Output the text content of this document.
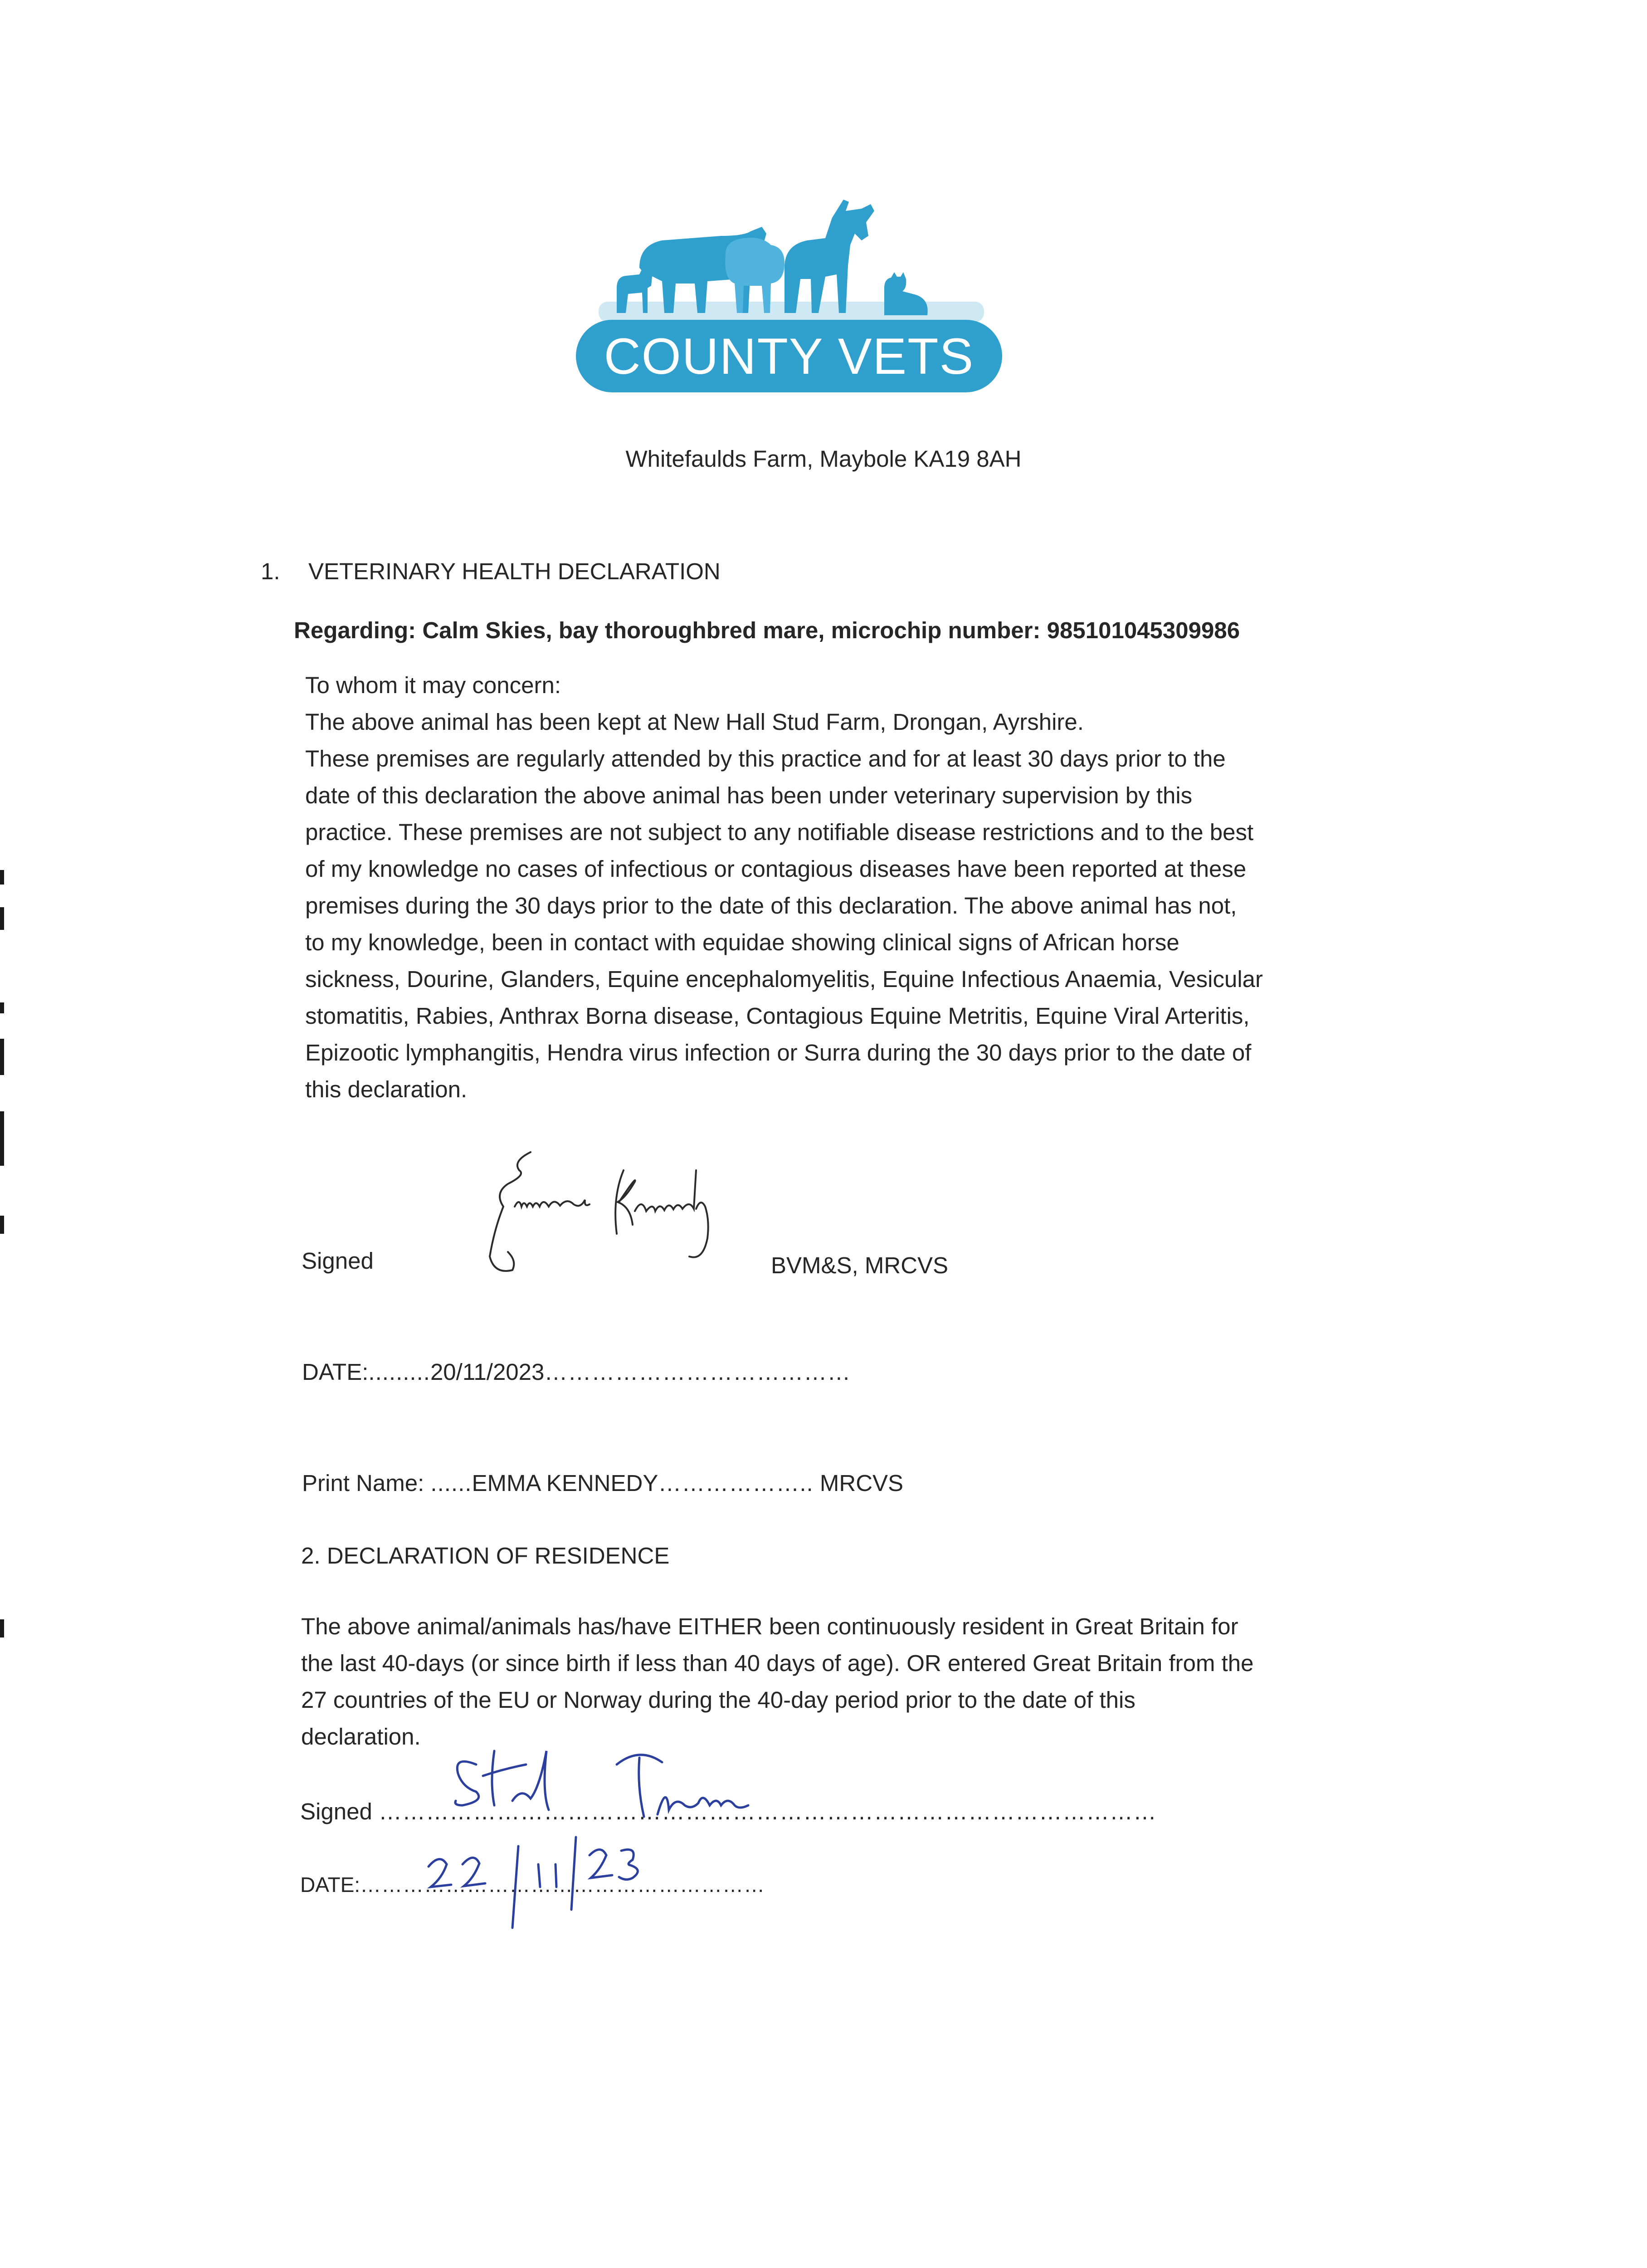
COUNTY VETS
Whitefaulds Farm, Maybole KA19 8AH
1. VETERINARY HEALTH DECLARATION
Regarding: Calm Skies, bay thoroughbred mare, microchip number: 985101045309986
To whom it may concern:
The above animal has been kept at New Hall Stud Farm, Drongan, Ayrshire.
These premises are regularly attended by this practice and for at least 30 days prior to the
date of this declaration the above animal has been under veterinary supervision by this
practice. These premises are not subject to any notifiable disease restrictions and to the best
of my knowledge no cases of infectious or contagious diseases have been reported at these
premises during the 30 days prior to the date of this declaration. The above animal has not,
to my knowledge, been in contact with equidae showing clinical signs of African horse
sickness, Dourine, Glanders, Equine encephalomyelitis, Equine Infectious Anaemia, Vesicular
stomatitis, Rabies, Anthrax Borna disease, Contagious Equine Metritis, Equine Viral Arteritis,
Epizootic lymphangitis, Hendra virus infection or Surra during the 30 days prior to the date of
this declaration.
Signed	BVM&S, MRCVS
DATE:.........20/11/2023…………………………………
Print Name: ......EMMA KENNEDY……………….. MRCVS
2. DECLARATION OF RESIDENCE
The above animal/animals has/have EITHER been continuously resident in Great Britain for
the last 40-days (or since birth if less than 40 days of age). OR entered Great Britain from the
27 countries of the EU or Norway during the 40-day period prior to the date of this
declaration.
Signed ………………………………………………………………………………………
DATE:…………………………………………………
